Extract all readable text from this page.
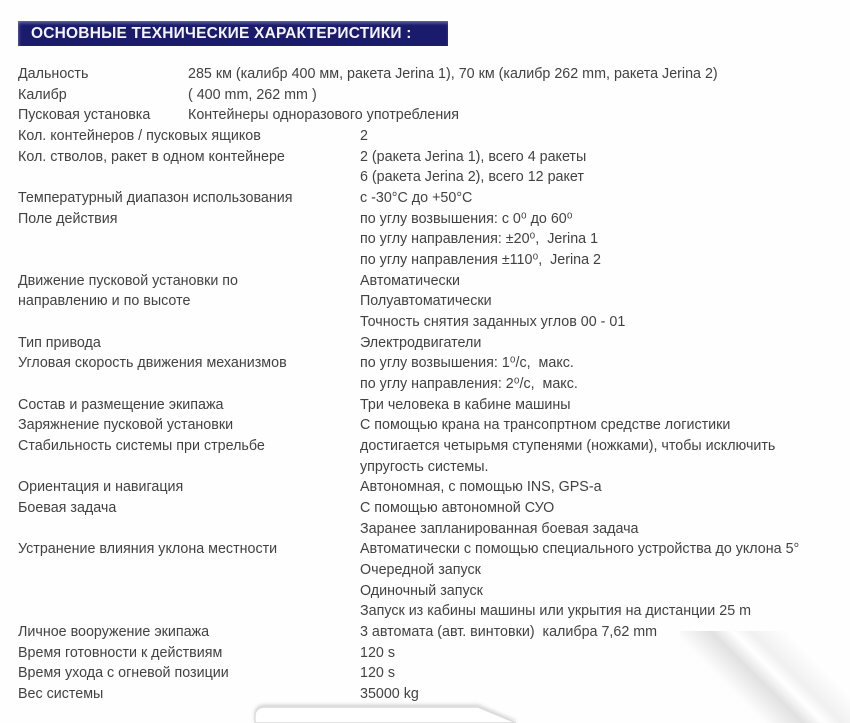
ОСНОВНЫЕ ТЕХНИЧЕСКИЕ ХАРАКТЕРИСТИКИ :
Дальность	285 км (калибр 400 мм, ракета Jerina 1), 70 км (калибр 262 mm, ракета Jerina 2)
Калибр	( 400 mm, 262 mm )
Пусковая установка	Контейнеры одноразового употребления
Кол. контейнеров / пусковых ящиков	2
Кол. стволов, ракет в одном контейнере	2 (ракета Jerina 1), всего 4 ракеты
6 (ракета Jerina 2), всего 12 ракет
Температурный диапазон использования	с -30°C до +50°C
Поле действия	по углу возвышения: с 0⁰ до 60⁰
по углу направления: ±20⁰,  Jerina 1
по углу направления ±110⁰,  Jerina 2
Движение пусковой установки по	Автоматически
направлению и по высоте	Полуавтоматически
Точность снятия заданных углов 00 - 01
Тип привода	Электродвигатели
Угловая скорость движения механизмов	по углу возвышения: 1⁰/с,  макс.
по углу направления: 2⁰/с,  макс.
Состав и размещение экипажа	Три человека в кабине машины
Заряжнение пусковой установки	С помощью крана на трансопртном средстве логистики
Стабильность системы при стрельбе	достигается четырьмя ступенями (ножками), чтобы исключить
упругость системы.
Ориентация и навигация	Автономная, с помощью INS, GPS-a
Боевая задача	С помощью автономной СУО
Заранее запланированная боевая задача
Устранение влияния уклона местности	Автоматически с помощью специального устройства до уклона 5°
Очередной запуск
Одиночный запуск
Запуск из кабины машины или укрытия на дистанции 25 m
Личное вооружение экипажа	3 автомата (авт. винтовки)  калибра 7,62 mm
Время готовности к действиям	120 s
Время ухода с огневой позиции	120 s
Вес системы	35000 kg
